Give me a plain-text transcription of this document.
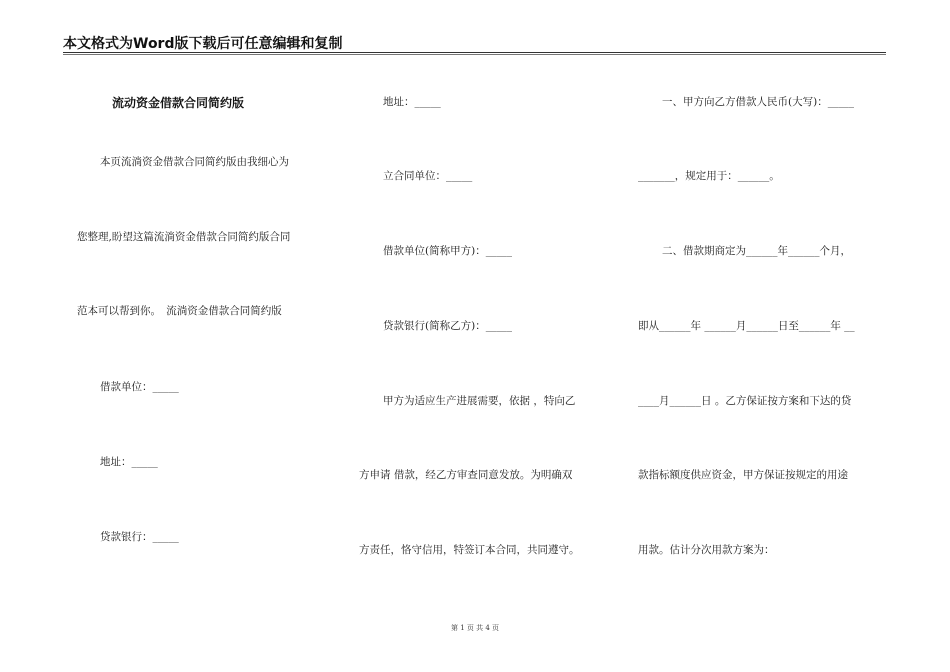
本文格式为Word版下载后可任意编辑和复制
流动资金借款合同简约版
本页流淌资金借款合同简约版由我细心为
您整理,盼望这篇流淌资金借款合同简约版合同
范本可以帮到你。　流淌资金借款合同简约版
借款单位：_____
地址：_____
贷款银行：_____
地址：_____
立合同单位：_____
借款单位(简称甲方)：_____
贷款银行(简称乙方)：_____
甲方为适应生产进展需要，依据 ，特向乙
方申请 借款，经乙方审查同意发放。为明确双
方责任，恪守信用，特签订本合同，共同遵守。
一、甲方向乙方借款人民币(大写)：_____
_______，规定用于：______。
二、借款期商定为______年______个月，
即从______年 ______月______日至______年 __
____月______日 。乙方保证按方案和下达的贷
款指标额度供应资金，甲方保证按规定的用途
用款。估计分次用款方案为：
第 1 页 共 4 页
